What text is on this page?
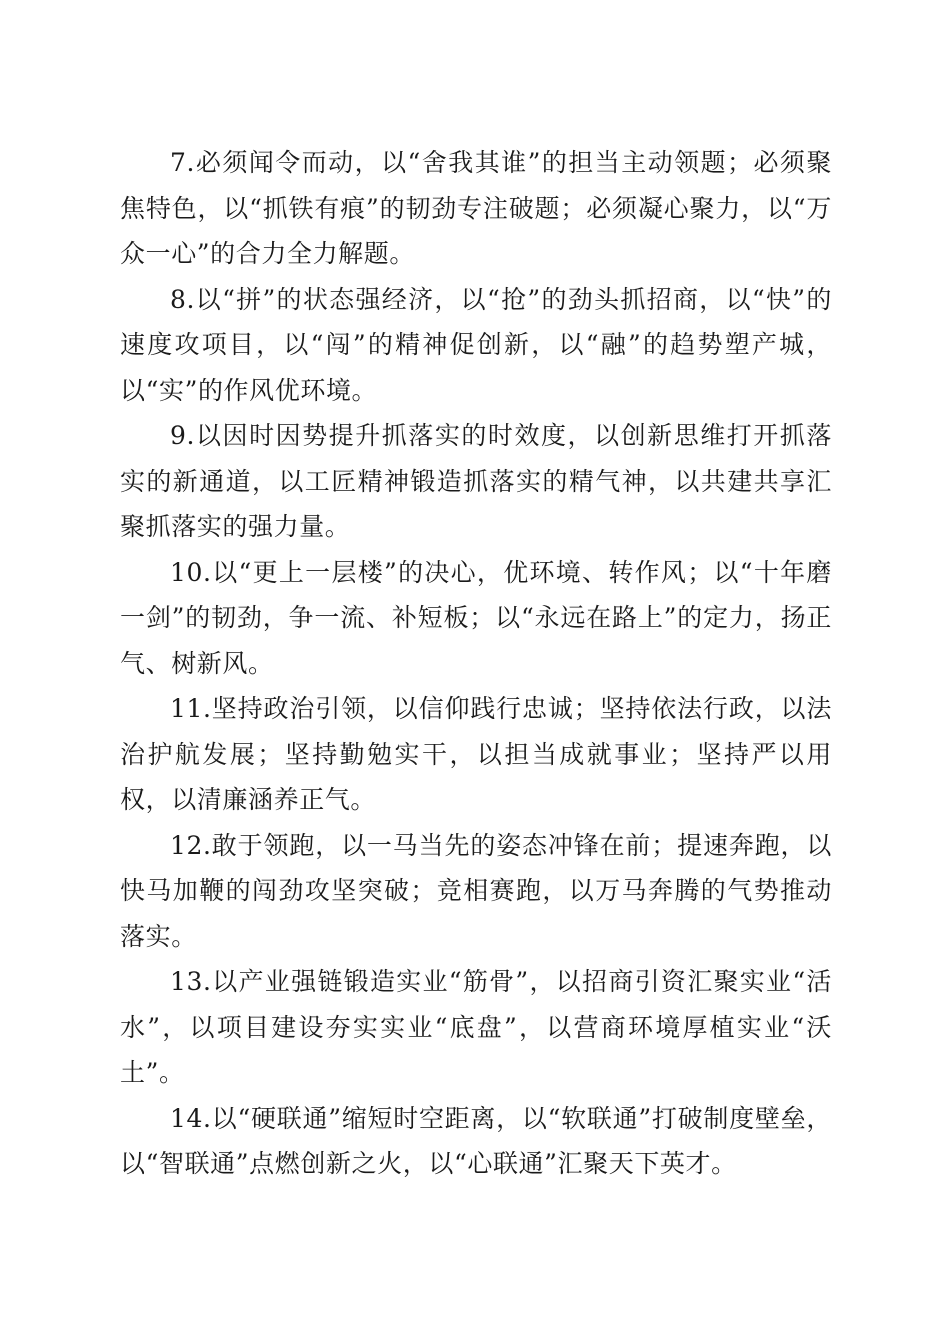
7.必须闻令而动，以“舍我其谁”的担当主动领题；必须聚焦特色，以“抓铁有痕”的韧劲专注破题；必须凝心聚力，以“万众一心”的合力全力解题。

8.以“拼”的状态强经济，以“抢”的劲头抓招商，以“快”的速度攻项目，以“闯”的精神促创新，以“融”的趋势塑产城，以“实”的作风优环境。

9.以因时因势提升抓落实的时效度，以创新思维打开抓落实的新通道，以工匠精神锻造抓落实的精气神，以共建共享汇聚抓落实的强力量。

10.以“更上一层楼”的决心，优环境、转作风；以“十年磨一剑”的韧劲，争一流、补短板；以“永远在路上”的定力，扬正气、树新风。

11.坚持政治引领，以信仰践行忠诚；坚持依法行政，以法治护航发展；坚持勤勉实干，以担当成就事业；坚持严以用权，以清廉涵养正气。

12.敢于领跑，以一马当先的姿态冲锋在前；提速奔跑，以快马加鞭的闯劲攻坚突破；竞相赛跑，以万马奔腾的气势推动落实。

13.以产业强链锻造实业“筋骨”，以招商引资汇聚实业“活水”，以项目建设夯实实业“底盘”，以营商环境厚植实业“沃土”。

14.以“硬联通”缩短时空距离，以“软联通”打破制度壁垒，以“智联通”点燃创新之火，以“心联通”汇聚天下英才。
